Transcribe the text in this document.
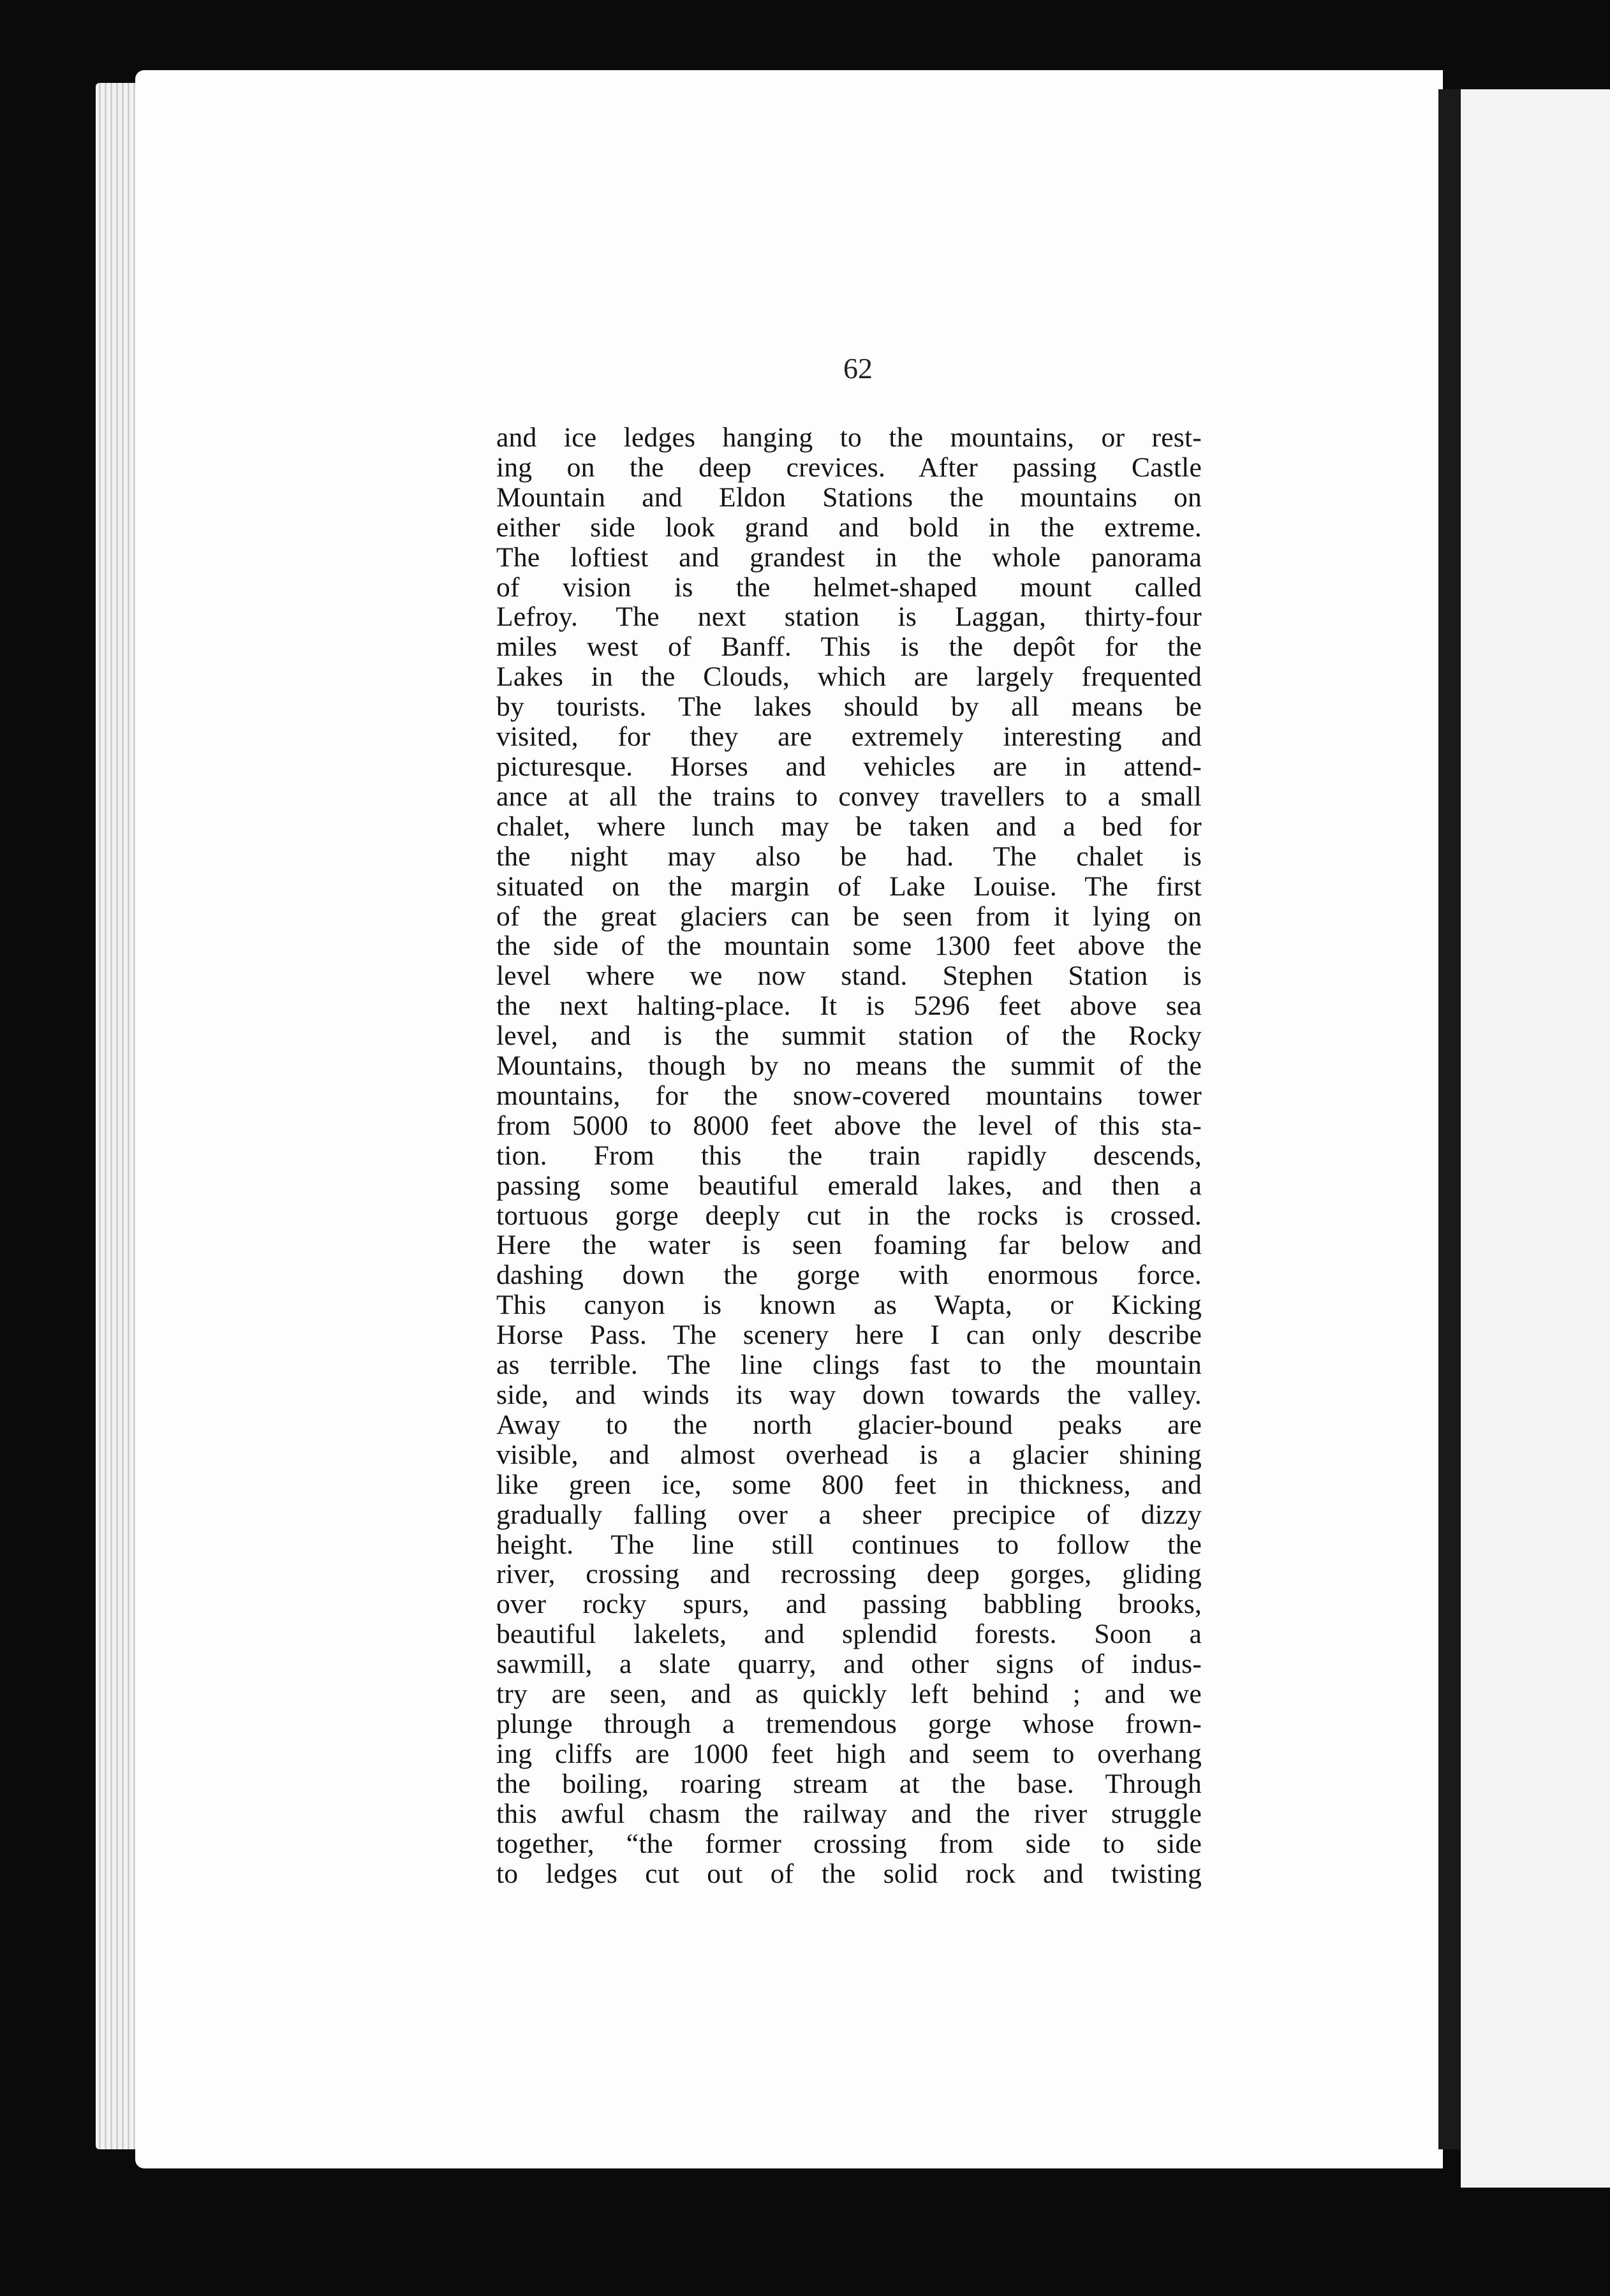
62
and ice ledges hanging to the mountains, or rest-
ing on the deep crevices. After passing Castle
Mountain and Eldon Stations the mountains on
either side look grand and bold in the extreme.
The loftiest and grandest in the whole panorama
of vision is the helmet-shaped mount called
Lefroy. The next station is Laggan, thirty-four
miles west of Banff. This is the depôt for the
Lakes in the Clouds, which are largely frequented
by tourists. The lakes should by all means be
visited, for they are extremely interesting and
picturesque. Horses and vehicles are in attend-
ance at all the trains to convey travellers to a small
chalet, where lunch may be taken and a bed for
the night may also be had. The chalet is
situated on the margin of Lake Louise. The first
of the great glaciers can be seen from it lying on
the side of the mountain some 1300 feet above the
level where we now stand. Stephen Station is
the next halting-place. It is 5296 feet above sea
level, and is the summit station of the Rocky
Mountains, though by no means the summit of the
mountains, for the snow-covered mountains tower
from 5000 to 8000 feet above the level of this sta-
tion. From this the train rapidly descends,
passing some beautiful emerald lakes, and then a
tortuous gorge deeply cut in the rocks is crossed.
Here the water is seen foaming far below and
dashing down the gorge with enormous force.
This canyon is known as Wapta, or Kicking
Horse Pass. The scenery here I can only describe
as terrible. The line clings fast to the mountain
side, and winds its way down towards the valley.
Away to the north glacier-bound peaks are
visible, and almost overhead is a glacier shining
like green ice, some 800 feet in thickness, and
gradually falling over a sheer precipice of dizzy
height. The line still continues to follow the
river, crossing and recrossing deep gorges, gliding
over rocky spurs, and passing babbling brooks,
beautiful lakelets, and splendid forests. Soon a
sawmill, a slate quarry, and other signs of indus-
try are seen, and as quickly left behind ; and we
plunge through a tremendous gorge whose frown-
ing cliffs are 1000 feet high and seem to overhang
the boiling, roaring stream at the base. Through
this awful chasm the railway and the river struggle
together, “the former crossing from side to side
to ledges cut out of the solid rock and twisting
